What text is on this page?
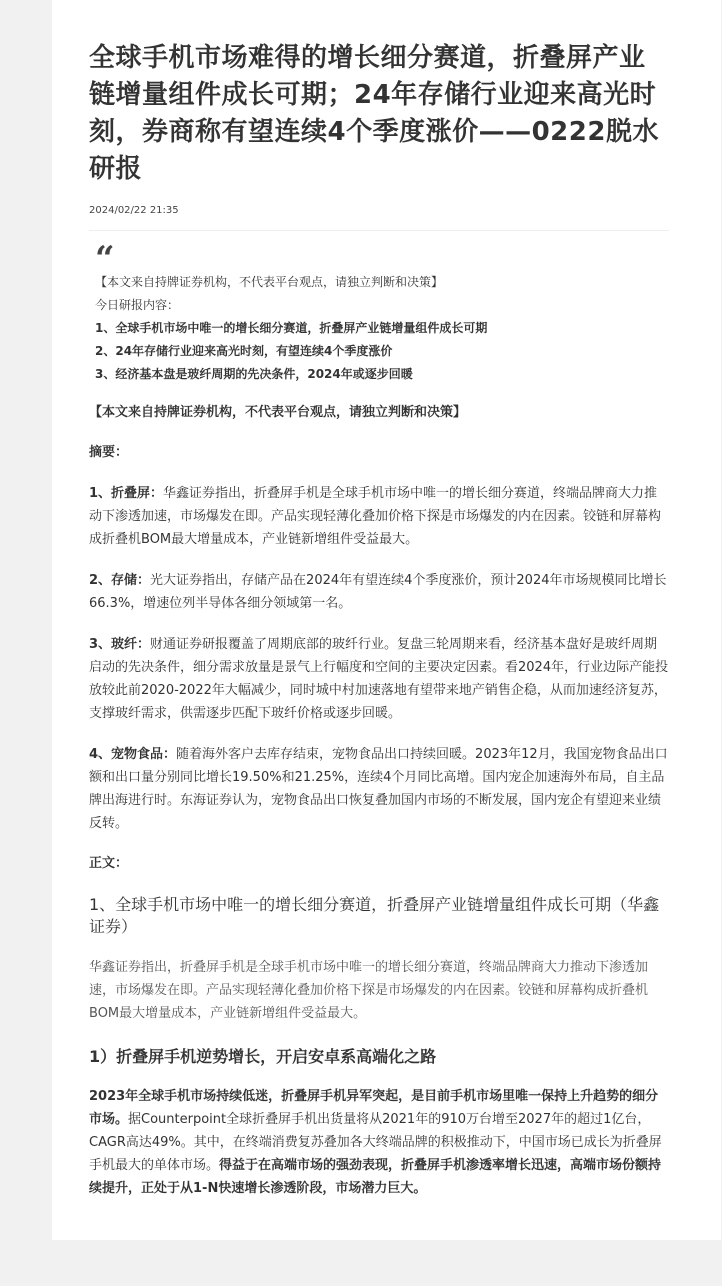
全球手机市场难得的增长细分赛道，折叠屏产业链增量组件成长可期；24年存储行业迎来高光时刻，券商称有望连续4个季度涨价——0222脱水研报
2024/02/22 21:35
“

【本文来自持牌证券机构，不代表平台观点，请独立判断和决策】

今日研报内容：

1、全球手机市场中唯一的增长细分赛道，折叠屏产业链增量组件成长可期

2、24年存储行业迎来高光时刻，有望连续4个季度涨价

3、经济基本盘是玻纤周期的先决条件，2024年或逐步回暖

【本文来自持牌证券机构，不代表平台观点，请独立判断和决策】

摘要：

1、折叠屏：华鑫证券指出，折叠屏手机是全球手机市场中唯一的增长细分赛道，终端品牌商大力推动下渗透加速，市场爆发在即。产品实现轻薄化叠加价格下探是市场爆发的内在因素。铰链和屏幕构成折叠机BOM最大增量成本，产业链新增组件受益最大。

2、存储：光大证券指出，存储产品在2024年有望连续4个季度涨价，预计2024年市场规模同比增长66.3%，增速位列半导体各细分领域第一名。

3、玻纤：财通证券研报覆盖了周期底部的玻纤行业。复盘三轮周期来看，经济基本盘好是玻纤周期启动的先决条件，细分需求放量是景气上行幅度和空间的主要决定因素。看2024年，行业边际产能投放较此前2020-2022年大幅减少，同时城中村加速落地有望带来地产销售企稳，从而加速经济复苏，支撑玻纤需求，供需逐步匹配下玻纤价格或逐步回暖。

4、宠物食品：随着海外客户去库存结束，宠物食品出口持续回暖。2023年12月，我国宠物食品出口额和出口量分别同比增长19.50%和21.25%，连续4个月同比高增。国内宠企加速海外布局，自主品牌出海进行时。东海证券认为，宠物食品出口恢复叠加国内市场的不断发展，国内宠企有望迎来业绩反转。

正文：

1、全球手机市场中唯一的增长细分赛道，折叠屏产业链增量组件成长可期（华鑫证券）

华鑫证券指出，折叠屏手机是全球手机市场中唯一的增长细分赛道，终端品牌商大力推动下渗透加速，市场爆发在即。产品实现轻薄化叠加价格下探是市场爆发的内在因素。铰链和屏幕构成折叠机BOM最大增量成本，产业链新增组件受益最大。

1）折叠屏手机逆势增长，开启安卓系高端化之路

2023年全球手机市场持续低迷，折叠屏手机异军突起，是目前手机市场里唯一保持上升趋势的细分市场。据Counterpoint全球折叠屏手机出货量将从2021年的910万台增至2027年的超过1亿台，CAGR高达49%。其中，在终端消费复苏叠加各大终端品牌的积极推动下，中国市场已成长为折叠屏手机最大的单体市场。得益于在高端市场的强劲表现，折叠屏手机渗透率增长迅速，高端市场份额持续提升，正处于从1-N快速增长渗透阶段，市场潜力巨大。
